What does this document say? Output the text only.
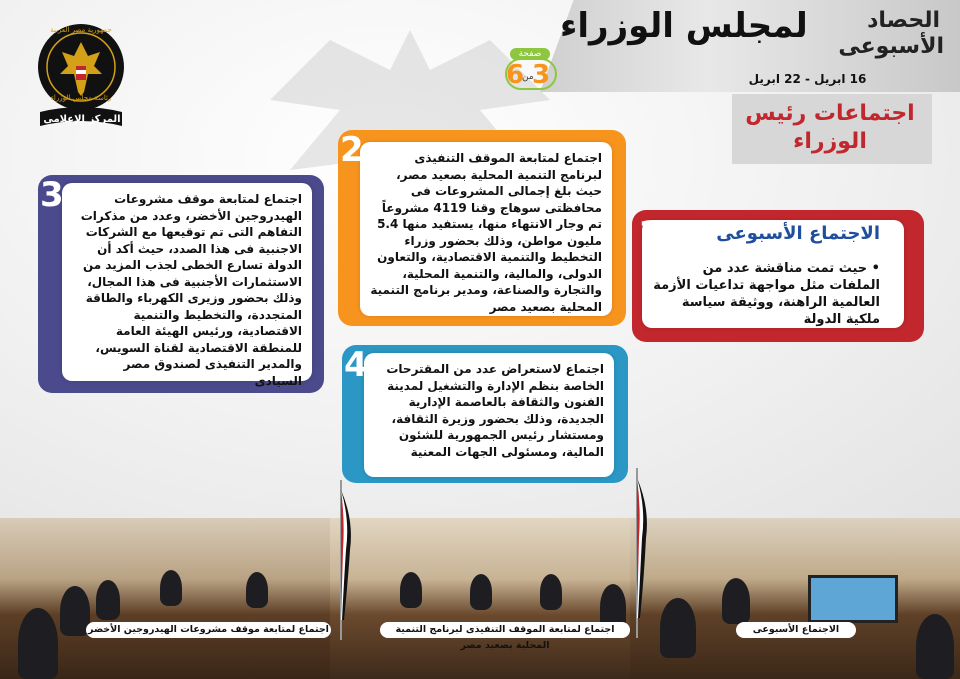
الحصاد
الأسبوعى
لمجلس الوزراء
16 ابريل - 22 ابريل
صفحة
3
من
6
اجتماعات رئيس الوزراء
جمهورية مصر العربية
رئاسة مجلس الوزراء
المركز الإعلامى
الاجتماع الأسبوعى
• حيث تمت مناقشة عدد من الملفات مثل مواجهة تداعيات الأزمة العالمية الراهنة، ووثيقة سياسة ملكية الدولة
1
اجتماع لمتابعة الموقف التنفيذى لبرنامج التنمية المحلية بصعيد مصر، حيث بلغ إجمالى المشروعات فى محافظتى سوهاج وقنا 4119 مشروعاً تم وجار الانتهاء منها، يستفيد منها 5.4 مليون مواطن، وذلك بحضور وزراء التخطيط والتنمية الاقتصادية، والتعاون الدولى، والمالية، والتنمية المحلية، والتجارة والصناعة، ومدير برنامج التنمية المحلية بصعيد مصر
2
اجتماع لمتابعة موقف مشروعات الهيدروجين الأخضر، وعدد من مذكرات التفاهم التى تم توقيعها مع الشركات الاجنبية فى هذا الصدد، حيث أكد أن الدولة تسارع الخطى لجذب المزيد من الاستثمارات الأجنبية فى هذا المجال، وذلك بحضور وزيرى الكهرباء والطاقة المتجددة، والتخطيط والتنمية الاقتصادية، ورئيس الهيئة العامة للمنطقة الاقتصادية لقناة السويس، والمدير التنفيذى لصندوق مصر السيادى
3
اجتماع لاستعراض عدد من المقترحات الخاصة بنظم الإدارة والتشغيل لمدينة الفنون والثقافة بالعاصمة الإدارية الجديدة، وذلك بحضور وزيرة الثقافة، ومستشار رئيس الجمهورية للشئون المالية، ومسئولى الجهات المعنية
4
اجتماع لمتابعة موقف مشروعات الهيدروجين الأخضر	اجتماع لمتابعة الموقف التنفيذى لبرنامج التنمية المحلية بصعيد مصر
الاجتماع الأسبوعى
